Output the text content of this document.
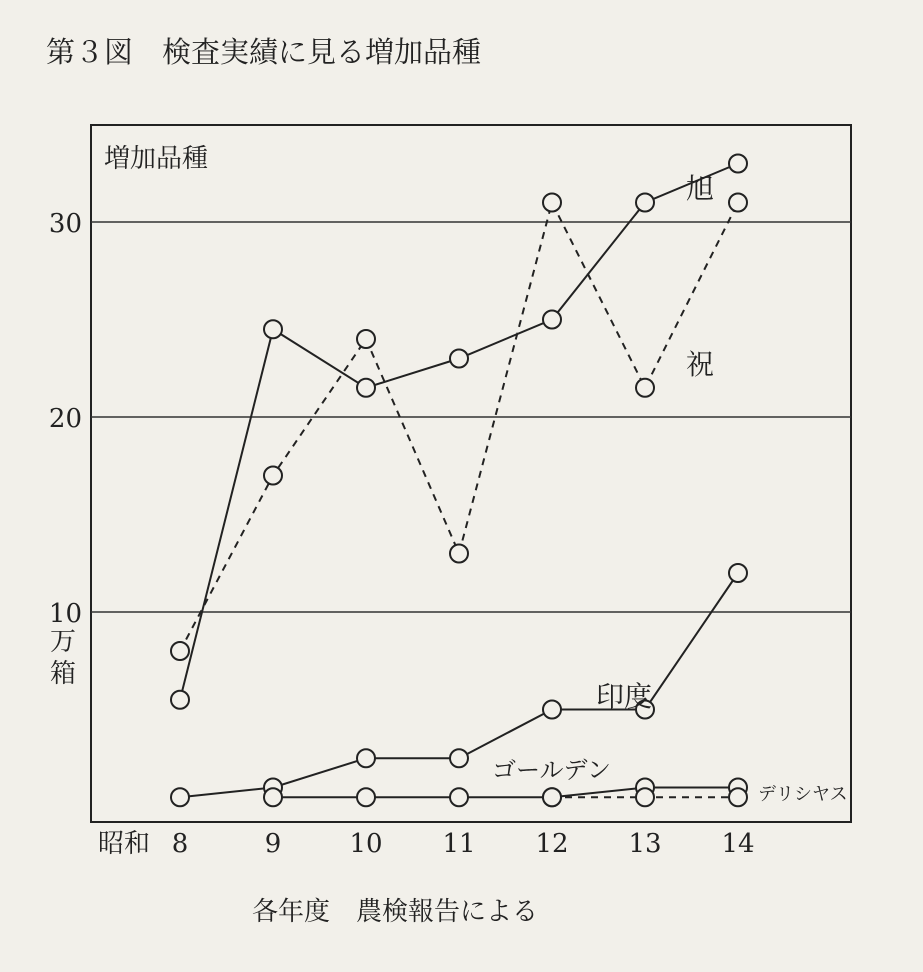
第３図　検査実績に見る増加品種
増加品種
10
20
30
万
箱
8	9	10 11 12 13 14
昭和
旭
祝
印度
ゴールデン
デリシヤス
各年度　農検報告による
